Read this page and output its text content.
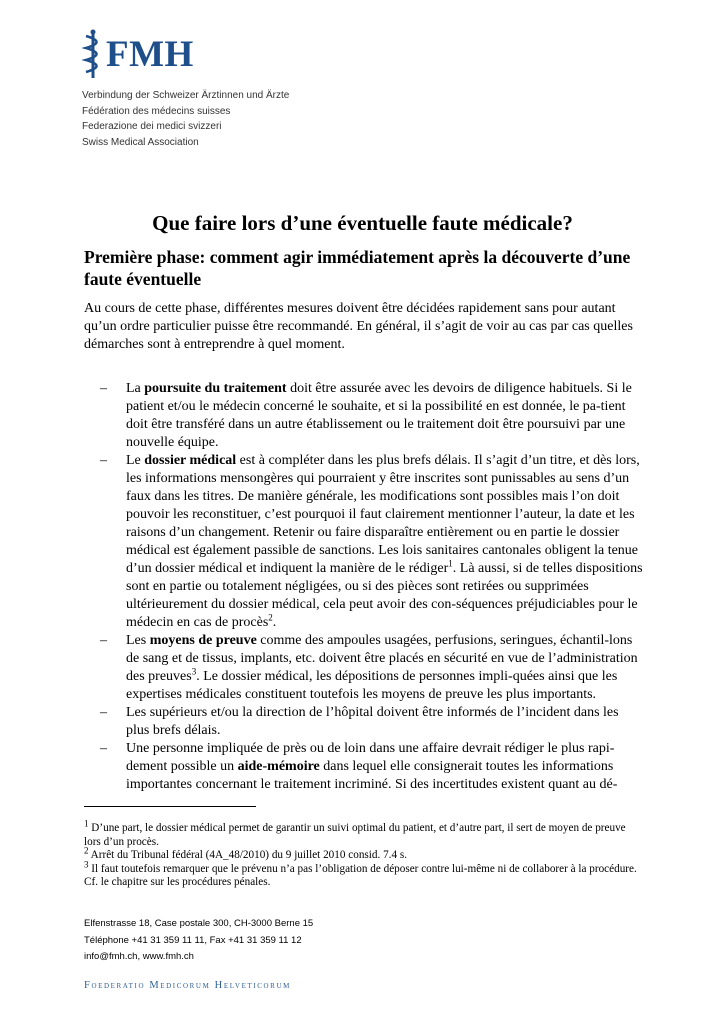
FMH
Verbindung der Schweizer Ärztinnen und Ärzte
Fédération des médecins suisses
Federazione dei medici svizzeri
Swiss Medical Association
Que faire lors d’une éventuelle faute médicale?
Première phase: comment agir immédiatement après la découverte d’une faute éventuelle

Au cours de cette phase, différentes mesures doivent être décidées rapidement sans pour autant qu’un ordre particulier puisse être recommandé. En général, il s’agit de voir au cas par cas quelles démarches sont à entreprendre à quel moment.

– La poursuite du traitement doit être assurée avec les devoirs de diligence habituels. Si le patient et/ou le médecin concerné le souhaite, et si la possibilité en est donnée, le pa-tient doit être transféré dans un autre établissement ou le traitement doit être poursuivi par une nouvelle équipe.
– Le dossier médical est à compléter dans les plus brefs délais. Il s’agit d’un titre, et dès lors, les informations mensongères qui pourraient y être inscrites sont punissables au sens d’un faux dans les titres. De manière générale, les modifications sont possibles mais l’on doit pouvoir les reconstituer, c’est pourquoi il faut clairement mentionner l’auteur, la date et les raisons d’un changement. Retenir ou faire disparaître entièrement ou en partie le dossier médical est également passible de sanctions. Les lois sanitaires cantonales obligent la tenue d’un dossier médical et indiquent la manière de le rédiger$^1$. Là aussi, si de telles dispositions sont en partie ou totalement négligées, ou si des pièces sont retirées ou supprimées ultérieurement du dossier médical, cela peut avoir des con-séquences préjudiciables pour le médecin en cas de procès$^2$.
– Les moyens de preuve comme des ampoules usagées, perfusions, seringues, échantil-lons de sang et de tissus, implants, etc. doivent être placés en sécurité en vue de l’administration des preuves$^3$. Le dossier médical, les dépositions de personnes impli-quées ainsi que les expertises médicales constituent toutefois les moyens de preuve les plus importants.
– Les supérieurs et/ou la direction de l’hôpital doivent être informés de l’incident dans les plus brefs délais.
– Une personne impliquée de près ou de loin dans une affaire devrait rédiger le plus rapi-dement possible un aide-mémoire dans lequel elle consignerait toutes les informations importantes concernant le traitement incriminé. Si des incertitudes existent quant au dé-
$^1$ D’une part, le dossier médical permet de garantir un suivi optimal du patient, et d’autre part, il sert de moyen de preuve lors d’un procès.
$^2$ Arrêt du Tribunal fédéral (4A_48/2010) du 9 juillet 2010 consid. 7.4 s.
$^3$ Il faut toutefois remarquer que le prévenu n’a pas l’obligation de déposer contre lui-même ni de collaborer à la procédure. Cf. le chapitre sur les procédures pénales.
Elfenstrasse 18, Case postale 300, CH-3000 Berne 15
Téléphone +41 31 359 11 11, Fax +41 31 359 11 12
info@fmh.ch, www.fmh.ch
Foederatio Medicorum Helveticorum
